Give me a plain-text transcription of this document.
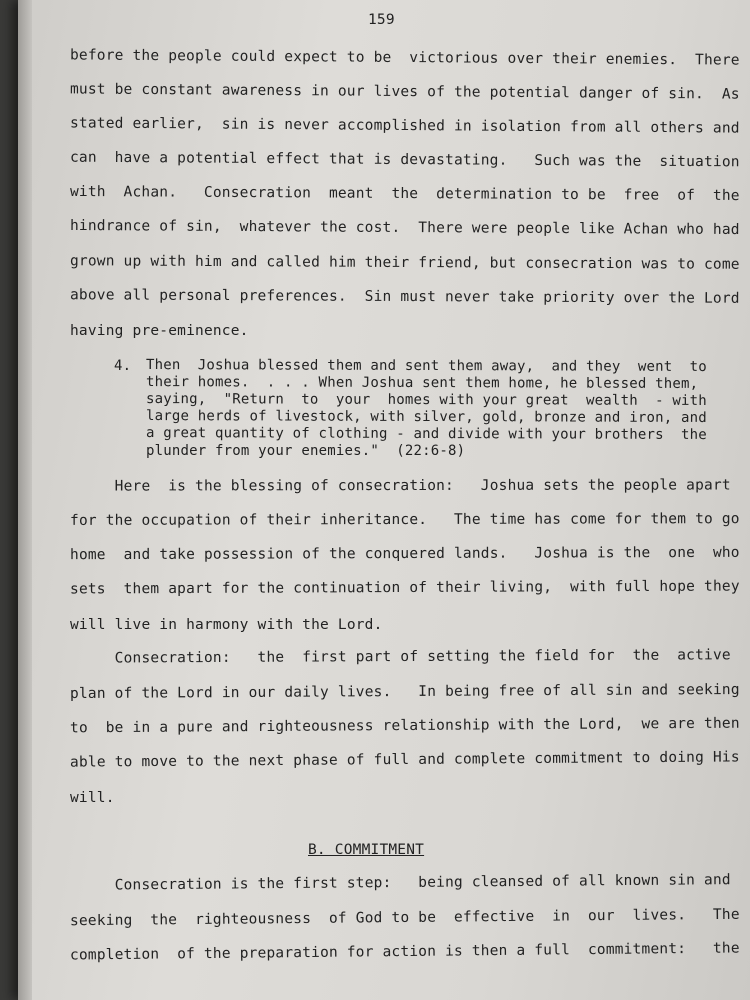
159
before the people could expect to be  victorious over their enemies.  There
must be constant awareness in our lives of the potential danger of sin.  As
stated earlier,  sin is never accomplished in isolation from all others and
can  have a potential effect that is devastating.   Such was the  situation
with  Achan.   Consecration  meant  the  determination to be  free  of  the
hindrance of sin,  whatever the cost.  There were people like Achan who had
grown up with him and called him their friend, but consecration was to come
above all personal preferences.  Sin must never take priority over the Lord
having pre-eminence.
4. Then  Joshua blessed them and sent them away,  and they  went  to
their homes.  . . . When Joshua sent them home, he blessed them,
saying,  "Return  to  your  homes with your great  wealth  - with
large herds of livestock, with silver, gold, bronze and iron, and
a great quantity of clothing - and divide with your brothers  the
plunder from your enemies."  (22:6-8)
Here  is the blessing of consecration:   Joshua sets the people apart
for the occupation of their inheritance.   The time has come for them to go
home  and take possession of the conquered lands.   Joshua is the  one  who
sets  them apart for the continuation of their living,  with full hope they
will live in harmony with the Lord.
Consecration:   the  first part of setting the field for  the  active
plan of the Lord in our daily lives.   In being free of all sin and seeking
to  be in a pure and righteousness relationship with the Lord,  we are then
able to move to the next phase of full and complete commitment to doing His
will.
B. COMMITMENT
Consecration is the first step:   being cleansed of all known sin and
seeking  the  righteousness  of God to be  effective  in  our  lives.   The
completion  of the preparation for action is then a full  commitment:   the
